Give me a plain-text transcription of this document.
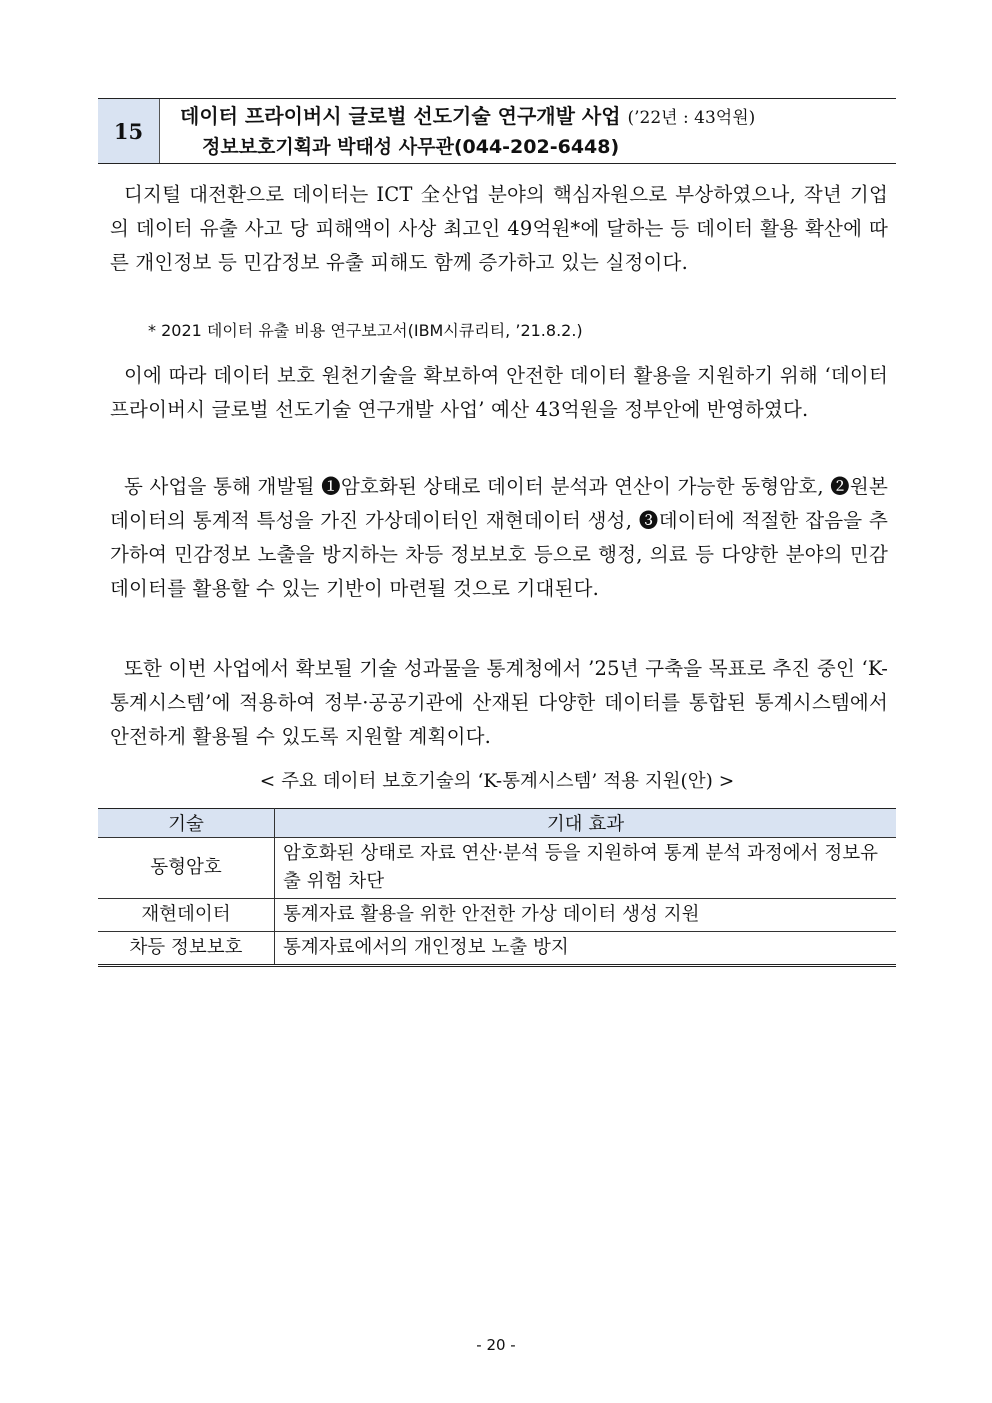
15
데이터 프라이버시 글로벌 선도기술 연구개발 사업 (’22년 : 43억원)
정보보호기획과 박태성 사무관(044-202-6448)

디지털 대전환으로 데이터는 ICT 全산업 분야의 핵심자원으로 부상하였으나, 작년 기업의 데이터 유출 사고 당 피해액이 사상 최고인 49억원*에 달하는 등 데이터 활용 확산에 따른 개인정보 등 민감정보 유출 피해도 함께 증가하고 있는 실정이다.

* 2021 데이터 유출 비용 연구보고서(IBM시큐리티, ’21.8.2.)

이에 따라 데이터 보호 원천기술을 확보하여 안전한 데이터 활용을 지원하기 위해 ‘데이터 프라이버시 글로벌 선도기술 연구개발 사업’ 예산 43억원을 정부안에 반영하였다.

동 사업을 통해 개발될 ❶암호화된 상태로 데이터 분석과 연산이 가능한 동형암호, ❷원본데이터의 통계적 특성을 가진 가상데이터인 재현데이터 생성, ❸데이터에 적절한 잡음을 추가하여 민감정보 노출을 방지하는 차등 정보보호 등으로 행정, 의료 등 다양한 분야의 민감 데이터를 활용할 수 있는 기반이 마련될 것으로 기대된다.

또한 이번 사업에서 확보될 기술 성과물을 통계청에서 ’25년 구축을 목표로 추진 중인 ‘K-통계시스템’에 적용하여 정부·공공기관에 산재된 다양한 데이터를 통합된 통계시스템에서 안전하게 활용될 수 있도록 지원할 계획이다.

< 주요 데이터 보호기술의 ‘K-통계시스템’ 적용 지원(안) >
기술	기대 효과
동형암호	암호화된 상태로 자료 연산·분석 등을 지원하여 통계 분석 과정에서 정보유출 위험 차단
재현데이터	통계자료 활용을 위한 안전한 가상 데이터 생성 지원
차등 정보보호	통계자료에서의 개인정보 노출 방지
- 20 -
